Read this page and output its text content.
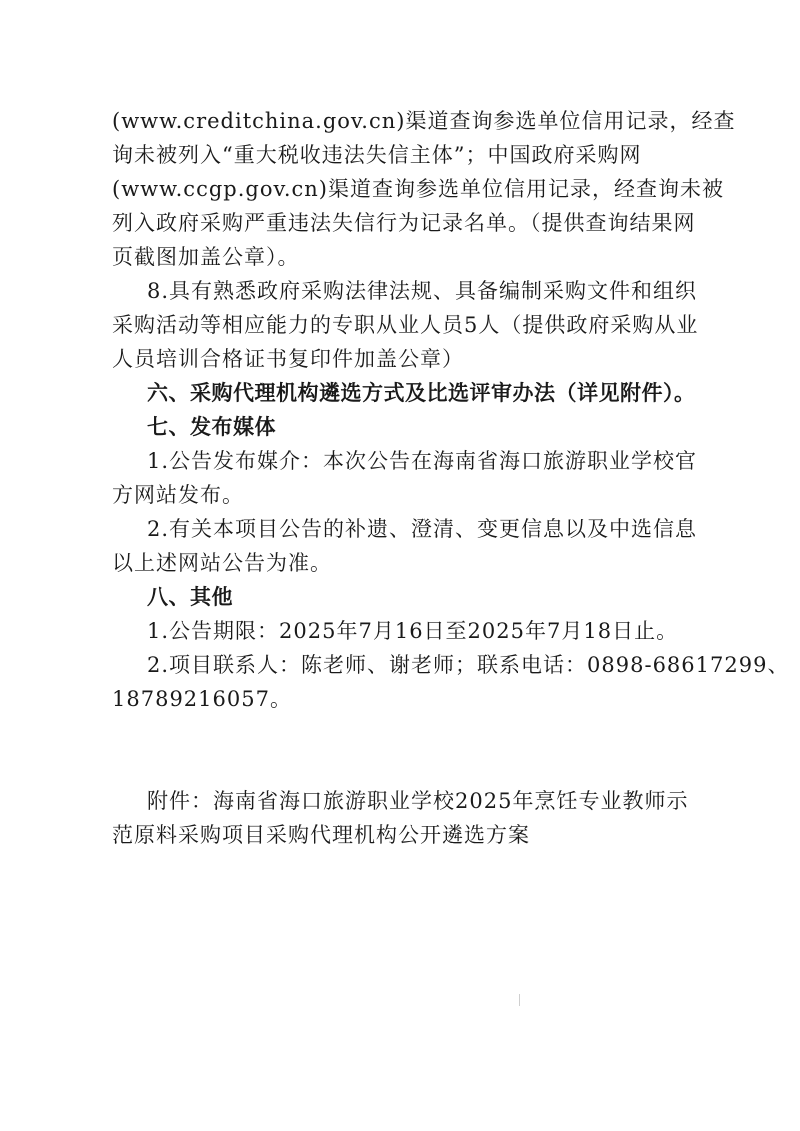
(www.creditchina.gov.cn)渠道查询参选单位信用记录，经查
询未被列入“重大税收违法失信主体”；中国政府采购网
(www.ccgp.gov.cn)渠道查询参选单位信用记录，经查询未被
列入政府采购严重违法失信行为记录名单。（提供查询结果网
页截图加盖公章）。
8.具有熟悉政府采购法律法规、具备编制采购文件和组织
采购活动等相应能力的专职从业人员5人（提供政府采购从业
人员培训合格证书复印件加盖公章）
六、采购代理机构遴选方式及比选评审办法（详见附件）。
七、发布媒体
1.公告发布媒介：本次公告在海南省海口旅游职业学校官
方网站发布。
2.有关本项目公告的补遗、澄清、变更信息以及中选信息
以上述网站公告为准。
八、其他
1.公告期限：2025年7月16日至2025年7月18日止。
2.项目联系人：陈老师、谢老师；联系电话：0898-68617299、
18789216057。
附件：海南省海口旅游职业学校2025年烹饪专业教师示
范原料采购项目采购代理机构公开遴选方案
